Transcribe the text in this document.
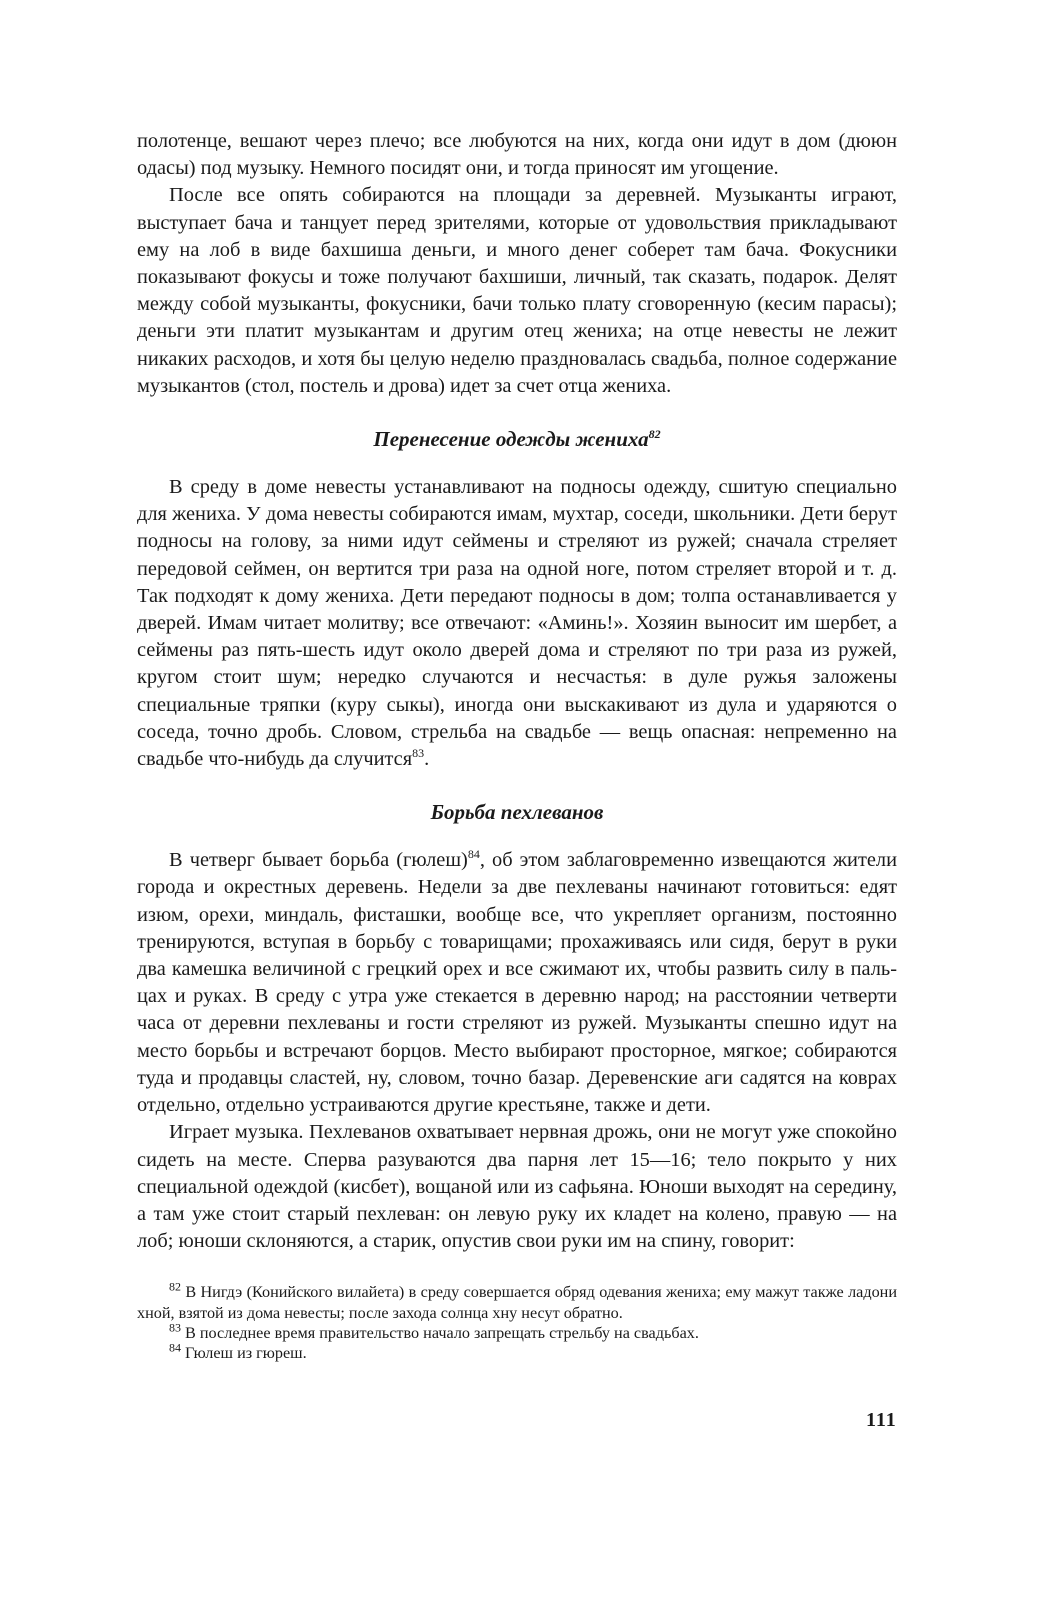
полотенце, вешают через плечо; все любуются на них, когда они идут в дом (дююн одасы) под музыку. Немного посидят они, и тогда приносят им угощение.

После все опять собираются на площади за деревней. Музыканты играют, выступает бача и танцует перед зрителями, которые от удовольствия прикладывают ему на лоб в виде бахшиша деньги, и много денег соберет там бача. Фокусники показывают фокусы и тоже получают бахшиши, личный, так сказать, подарок. Делят между собой музыканты, фокусники, бачи только плату сговоренную (кесим парасы); деньги эти платит музыкантам и другим отец жениха; на отце невесты не лежит никаких расходов, и хотя бы целую неделю праздновалась свадьба, полное содержание музыкантов (стол, постель и дрова) идет за счет отца жениха.

Перенесение одежды жениха$^{82}$

В среду в доме невесты устанавливают на подносы одежду, сшитую специально для жениха. У дома невесты собираются имам, мухтар, соседи, школьники. Дети берут подносы на голову, за ними идут сеймены и стреляют из ружей; сначала стреляет передовой сеймен, он вертится три раза на одной ноге, потом стреляет второй и т. д. Так подходят к дому жениха. Дети передают подносы в дом; толпа останавливается у дверей. Имам читает молитву; все отвечают: «Аминь!». Хозяин выносит им шербет, а сеймены раз пять-шесть идут около дверей дома и стреляют по три раза из ружей, кругом стоит шум; нередко случаются и несчастья: в дуле ружья заложены специальные тряпки (куру сыкы), иногда они выскакивают из дула и ударяются о соседа, точно дробь. Словом, стрельба на свадьбе — вещь опасная: непременно на свадьбе что-нибудь да случится$^{83}$.

Борьба пехлеванов

В четверг бывает борьба (гюлеш)$^{84}$, об этом заблаговременно извещаются жители города и окрестных деревень. Недели за две пехлеваны начинают готовиться: едят изюм, орехи, миндаль, фисташки, вообще все, что укрепляет организм, постоянно тренируются, вступая в борьбу с товарищами; прохаживаясь или сидя, берут в руки два камешка величиной с грецкий орех и все сжимают их, чтобы развить силу в пальцах и руках. В среду с утра уже стекается в деревню народ; на расстоянии четверти часа от деревни пехлеваны и гости стреляют из ружей. Музыканты спешно идут на место борьбы и встречают борцов. Место выбирают просторное, мягкое; собираются туда и продавцы сластей, ну, словом, точно базар. Деревенские аги садятся на коврах отдельно, отдельно устраиваются другие крестьяне, также и дети.

Играет музыка. Пехлеванов охватывает нервная дрожь, они не могут уже спокойно сидеть на месте. Сперва разуваются два парня лет 15—16; тело покрыто у них специальной одеждой (кисбет), вощаной или из сафьяна. Юноши выходят на середину, а там уже стоит старый пехлеван: он левую руку их кладет на колено, правую — на лоб; юноши склоняются, а старик, опустив свои руки им на спину, говорит:

$^{82}$ В Нигдэ (Конийского вилайета) в среду совершается обряд одевания жениха; ему мажут также ладони хной, взятой из дома невесты; после захода солнца хну несут обратно.

$^{83}$ В последнее время правительство начало запрещать стрельбу на свадьбах.

$^{84}$ Гюлеш из гюреш.

111
